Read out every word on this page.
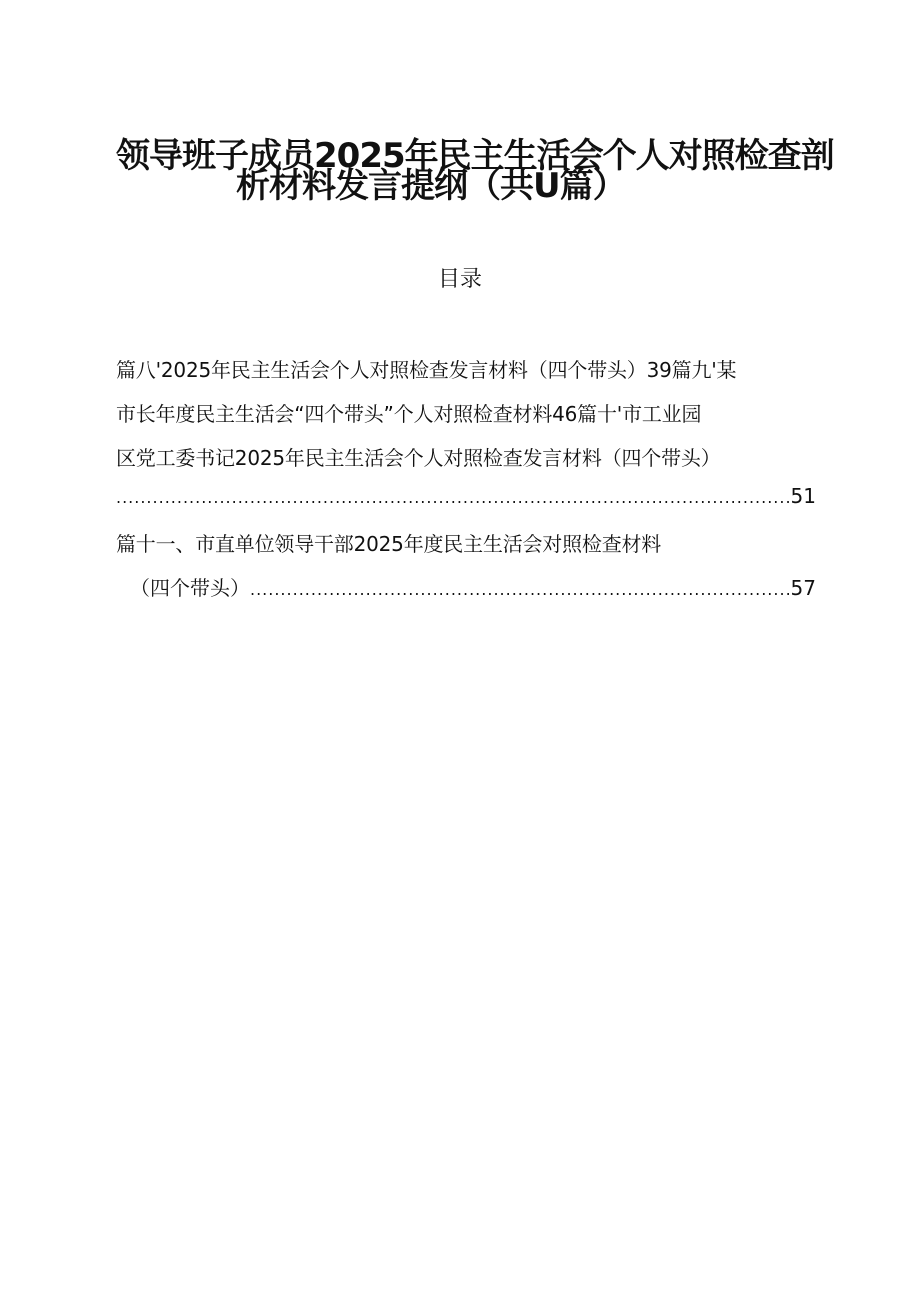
领导班子成员2025年民主生活会个人对照检查剖
析材料发言提纲（共U篇）
目录
篇八'2025年民主生活会个人对照检查发言材料（四个带头）39篇九'某
市长年度民主生活会“四个带头”个人对照检查材料46篇十'市工业园
区党工委书记2025年民主生活会个人对照检查发言材料（四个带头）
.....
51
篇十一、市直单位领导干部2025年度民主生活会对照检查材料
（四个带头）
.....	57
